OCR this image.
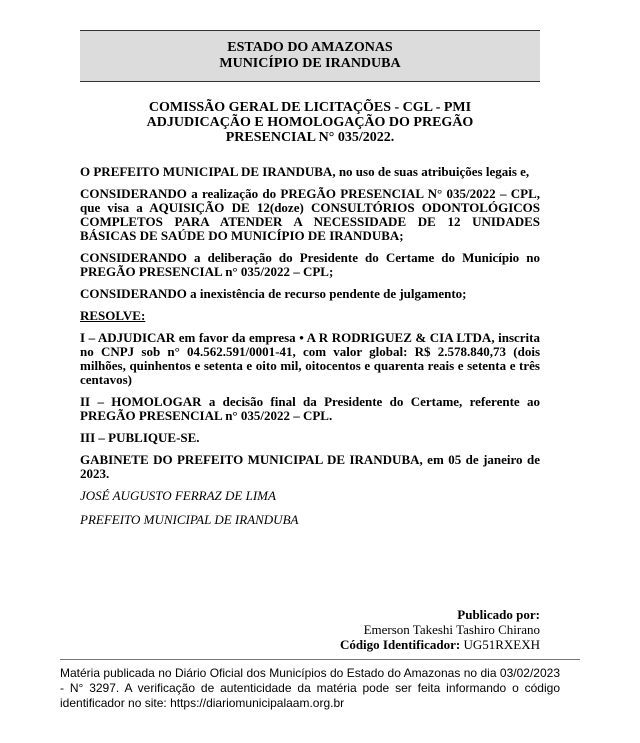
ESTADO DO AMAZONAS
MUNICÍPIO DE IRANDUBA
COMISSÃO GERAL DE LICITAÇÕES - CGL - PMI
ADJUDICAÇÃO E HOMOLOGAÇÃO DO PREGÃO
PRESENCIAL N° 035/2022.

O PREFEITO MUNICIPAL DE IRANDUBA, no uso de suas atribuições legais e,

CONSIDERANDO a realização do PREGÃO PRESENCIAL N° 035/2022 – CPL, que visa a AQUISIÇÃO DE 12(doze) CONSULTÓRIOS ODONTOLÓGICOS COMPLETOS PARA ATENDER A NECESSIDADE DE 12 UNIDADES BÁSICAS DE SAÚDE DO MUNICÍPIO DE IRANDUBA;

CONSIDERANDO a deliberação do Presidente do Certame do Município no PREGÃO PRESENCIAL n° 035/2022 – CPL;

CONSIDERANDO a inexistência de recurso pendente de julgamento;

RESOLVE:

I – ADJUDICAR em favor da empresa • A R RODRIGUEZ & CIA LTDA, inscrita no CNPJ sob n° 04.562.591/0001-41, com valor global: R$ 2.578.840,73 (dois milhões, quinhentos e setenta e oito mil, oitocentos e quarenta reais e setenta e três centavos)

II – HOMOLOGAR a decisão final da Presidente do Certame, referente ao PREGÃO PRESENCIAL n° 035/2022 – CPL.

III – PUBLIQUE-SE.

GABINETE DO PREFEITO MUNICIPAL DE IRANDUBA, em 05 de janeiro de 2023.

JOSÉ AUGUSTO FERRAZ DE LIMA

PREFEITO MUNICIPAL DE IRANDUBA

Publicado por:
Emerson Takeshi Tashiro Chirano
Código Identificador: UG51RXEXH
Matéria publicada no Diário Oficial dos Municípios do Estado do Amazonas no dia 03/02/2023 - N° 3297. A verificação de autenticidade da matéria pode ser feita informando o código identificador no site: https://diariomunicipalaam.org.br
